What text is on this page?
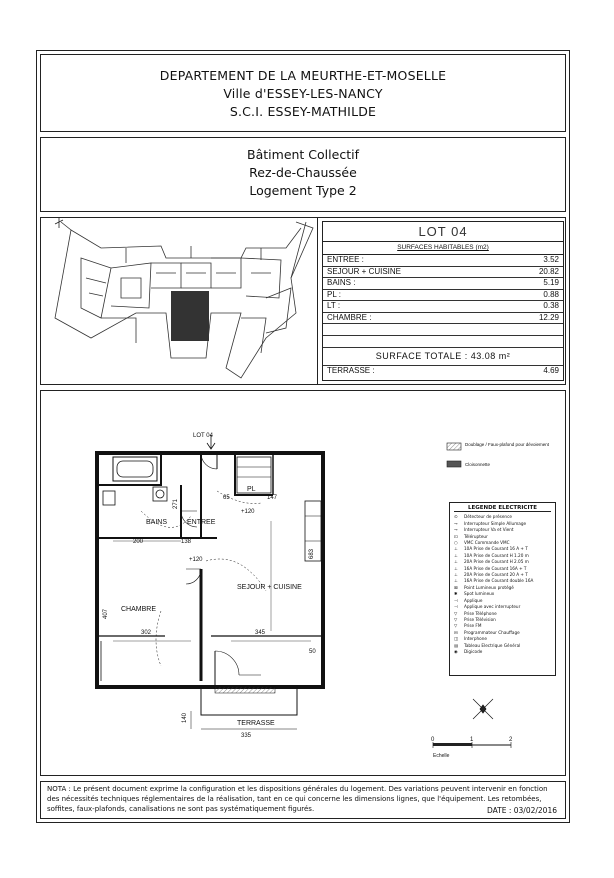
DEPARTEMENT DE LA MEURTHE-ET-MOSELLE
Ville d'ESSEY-LES-NANCY
S.C.I. ESSEY-MATHILDE
Bâtiment Collectif
Rez-de-Chaussée
Logement Type 2
LOT 04
SURFACES HABITABLES (m2)
ENTREE :	3.52
SEJOUR + CUISINE	20.82
BAINS :	5.19
PL :	0.88
LT :	0.38
CHAMBRE :	12.29
SURFACE TOTALE : 43.08 m²
TERRASSE :	4.69
LOT 04
BAINS	ENTREE
PL
SEJOUR + CUISINE
CHAMBRE
TERRASSE
200	138
65	147
302	345
407
683
335
140
50
271
+120
+120
0	1	2
Echelle
Doublage / Faux-plafond pour dévoiement
Cloisonnette
LEGENDE ELECTRICITE
⊙	Détecteur de présence
⊸	Interrupteur Simple Allumage
⊸	Interrupteur Va et Vient
⊡	Télérupteur
○	VMC Commande VMC
⊥	10A Prise de Courant 16 A + T
⊥	10A Prise de Courant H 1.20 m
⊥	20A Prise de Courant H 2.05 m
⊥	16A Prise de Courant 16A + T
⊥	20A Prise de Courant 20 A + T
⊥	16A Prise de Courant double 16A
⊠	Point Lumineux protégé
✱	Spot lumineux
⊣	Applique
⊣	Applique avec interrupteur
▽	Prise Téléphone
▽	Prise Télévision
▽	Prise FM
⊟	Programmateur Chauffage
◫	Interphone
▤	Tableau Electrique Général
◉	Digicode
NOTA : Le présent document exprime la configuration et les dispositions générales du logement. Des variations peuvent intervenir en fonction des nécessités techniques réglementaires de la réalisation, tant en ce qui concerne les dimensions lignes, que l'équipement. Les retombées, soffites, faux-plafonds, canalisations ne sont pas systématiquement figurés.	DATE : 03/02/2016
